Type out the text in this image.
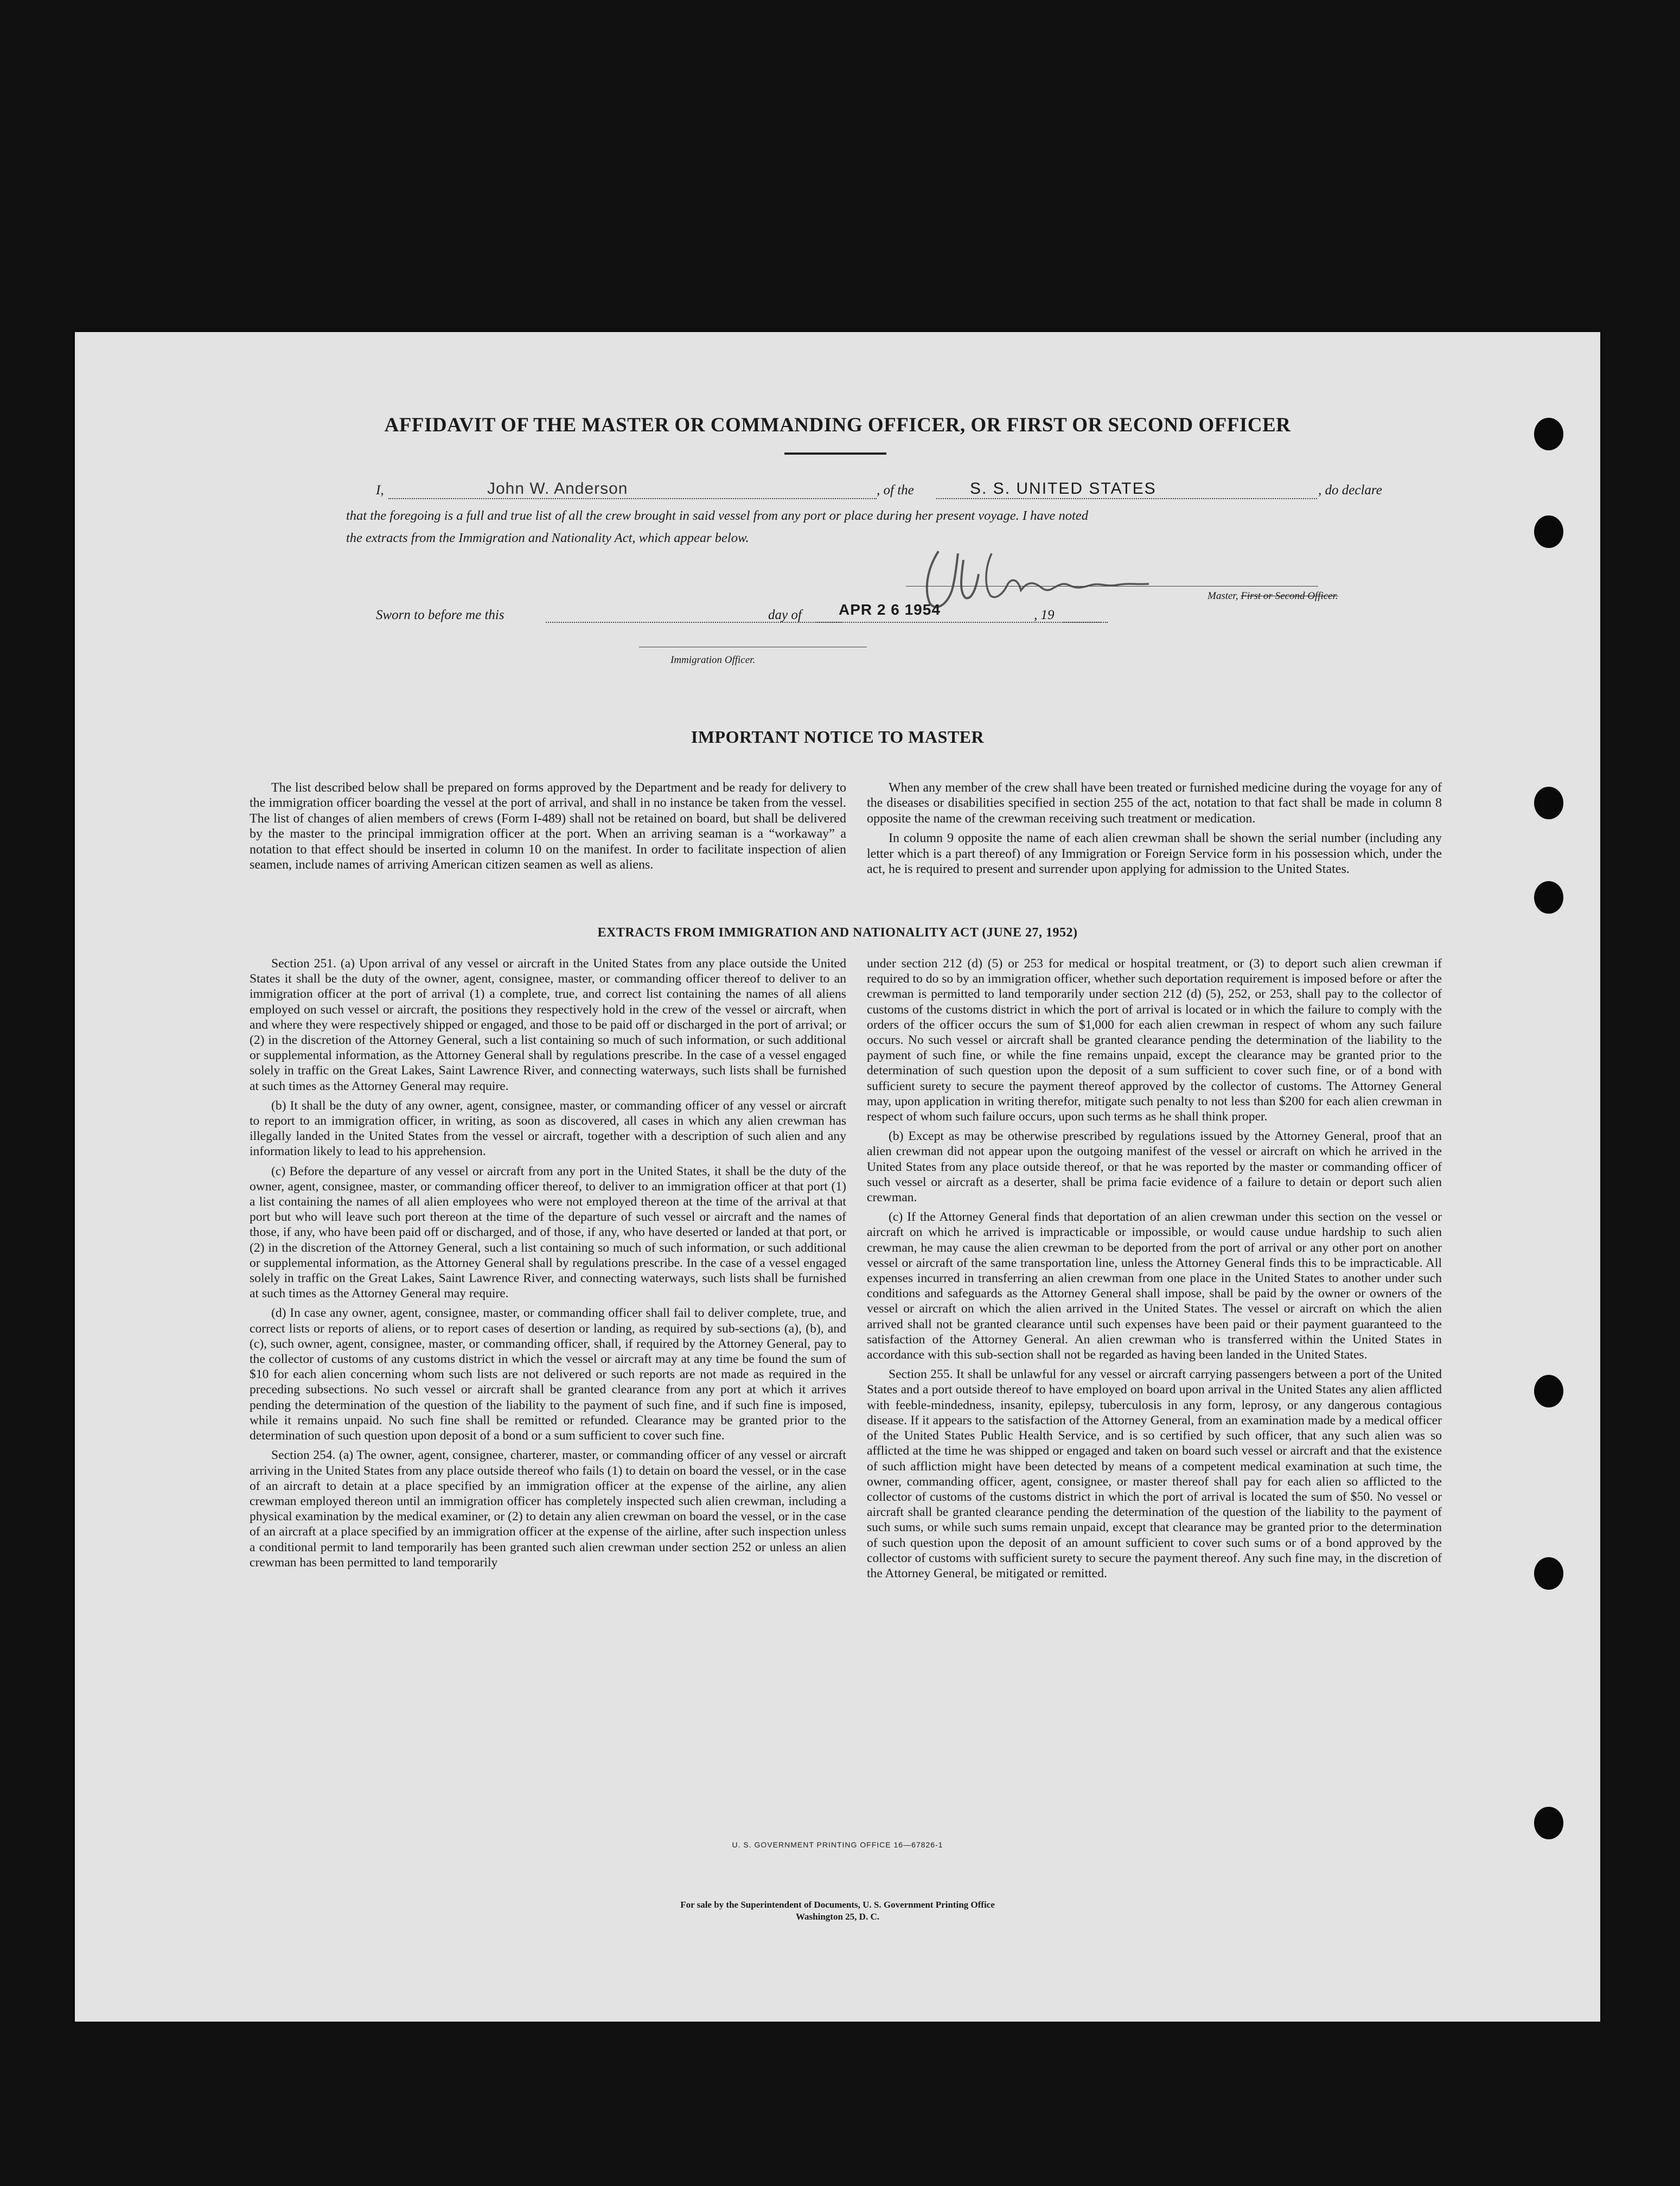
AFFIDAVIT OF THE MASTER OR COMMANDING OFFICER, OR FIRST OR SECOND OFFICER
I,	John W. Anderson	, of the	S. S. UNITED STATES	, do declare
that the foregoing is a full and true list of all the crew brought in said vessel from any port or place during her present voyage. I have noted
the extracts from the Immigration and Nationality Act, which appear below.
Master, First or Second Officer.
Sworn to before me this	day of APR 2 6 1954	, 19
Immigration Officer.
IMPORTANT NOTICE TO MASTER

The list described below shall be prepared on forms approved by the Department and be ready for delivery to the immigration officer boarding the vessel at the port of arrival, and shall in no instance be taken from the vessel. The list of changes of alien members of crews (Form I-489) shall not be retained on board, but shall be delivered by the master to the principal immigration officer at the port. When an arriving seaman is a “workaway” a notation to that effect should be inserted in column 10 on the manifest. In order to facilitate inspection of alien seamen, include names of arriving American citizen seamen as well as aliens.

When any member of the crew shall have been treated or furnished medicine during the voyage for any of the diseases or disabilities specified in section 255 of the act, notation to that fact shall be made in column 8 opposite the name of the crewman receiving such treatment or medication.

In column 9 opposite the name of each alien crewman shall be shown the serial number (including any letter which is a part thereof) of any Immigration or Foreign Service form in his possession which, under the act, he is required to present and surrender upon applying for admission to the United States.

EXTRACTS FROM IMMIGRATION AND NATIONALITY ACT (JUNE 27, 1952)

Section 251. (a) Upon arrival of any vessel or aircraft in the United States from any place outside the United States it shall be the duty of the owner, agent, consignee, master, or commanding officer thereof to deliver to an immigration officer at the port of arrival (1) a complete, true, and correct list containing the names of all aliens employed on such vessel or aircraft, the positions they respectively hold in the crew of the vessel or aircraft, when and where they were respectively shipped or engaged, and those to be paid off or discharged in the port of arrival; or (2) in the discretion of the Attorney General, such a list containing so much of such information, or such additional or supplemental information, as the Attorney General shall by regulations prescribe. In the case of a vessel engaged solely in traffic on the Great Lakes, Saint Lawrence River, and connecting waterways, such lists shall be furnished at such times as the Attorney General may require.

(b) It shall be the duty of any owner, agent, consignee, master, or commanding officer of any vessel or aircraft to report to an immigration officer, in writing, as soon as discovered, all cases in which any alien crewman has illegally landed in the United States from the vessel or aircraft, together with a description of such alien and any information likely to lead to his apprehension.

(c) Before the departure of any vessel or aircraft from any port in the United States, it shall be the duty of the owner, agent, consignee, master, or commanding officer thereof, to deliver to an immigration officer at that port (1) a list containing the names of all alien employees who were not employed thereon at the time of the arrival at that port but who will leave such port thereon at the time of the departure of such vessel or aircraft and the names of those, if any, who have been paid off or discharged, and of those, if any, who have deserted or landed at that port, or (2) in the discretion of the Attorney General, such a list containing so much of such information, or such additional or supplemental information, as the Attorney General shall by regulations prescribe. In the case of a vessel engaged solely in traffic on the Great Lakes, Saint Lawrence River, and connecting waterways, such lists shall be furnished at such times as the Attorney General may require.

(d) In case any owner, agent, consignee, master, or commanding officer shall fail to deliver complete, true, and correct lists or reports of aliens, or to report cases of desertion or landing, as required by sub-sections (a), (b), and (c), such owner, agent, consignee, master, or commanding officer, shall, if required by the Attorney General, pay to the collector of customs of any customs district in which the vessel or aircraft may at any time be found the sum of $10 for each alien concerning whom such lists are not delivered or such reports are not made as required in the preceding subsections. No such vessel or aircraft shall be granted clearance from any port at which it arrives pending the determination of the question of the liability to the payment of such fine, and if such fine is imposed, while it remains unpaid. No such fine shall be remitted or refunded. Clearance may be granted prior to the determination of such question upon deposit of a bond or a sum sufficient to cover such fine.

Section 254. (a) The owner, agent, consignee, charterer, master, or commanding officer of any vessel or aircraft arriving in the United States from any place outside thereof who fails (1) to detain on board the vessel, or in the case of an aircraft to detain at a place specified by an immigration officer at the expense of the airline, any alien crewman employed thereon until an immigration officer has completely inspected such alien crewman, including a physical examination by the medical examiner, or (2) to detain any alien crewman on board the vessel, or in the case of an aircraft at a place specified by an immigration officer at the expense of the airline, after such inspection unless a conditional permit to land temporarily has been granted such alien crewman under section 252 or unless an alien crewman has been permitted to land temporarily

under section 212 (d) (5) or 253 for medical or hospital treatment, or (3) to deport such alien crewman if required to do so by an immigration officer, whether such deportation requirement is imposed before or after the crewman is permitted to land temporarily under section 212 (d) (5), 252, or 253, shall pay to the collector of customs of the customs district in which the port of arrival is located or in which the failure to comply with the orders of the officer occurs the sum of $1,000 for each alien crewman in respect of whom any such failure occurs. No such vessel or aircraft shall be granted clearance pending the determination of the liability to the payment of such fine, or while the fine remains unpaid, except the clearance may be granted prior to the determination of such question upon the deposit of a sum sufficient to cover such fine, or of a bond with sufficient surety to secure the payment thereof approved by the collector of customs. The Attorney General may, upon application in writing therefor, mitigate such penalty to not less than $200 for each alien crewman in respect of whom such failure occurs, upon such terms as he shall think proper.

(b) Except as may be otherwise prescribed by regulations issued by the Attorney General, proof that an alien crewman did not appear upon the outgoing manifest of the vessel or aircraft on which he arrived in the United States from any place outside thereof, or that he was reported by the master or commanding officer of such vessel or aircraft as a deserter, shall be prima facie evidence of a failure to detain or deport such alien crewman.

(c) If the Attorney General finds that deportation of an alien crewman under this section on the vessel or aircraft on which he arrived is impracticable or impossible, or would cause undue hardship to such alien crewman, he may cause the alien crewman to be deported from the port of arrival or any other port on another vessel or aircraft of the same transportation line, unless the Attorney General finds this to be impracticable. All expenses incurred in transferring an alien crewman from one place in the United States to another under such conditions and safeguards as the Attorney General shall impose, shall be paid by the owner or owners of the vessel or aircraft on which the alien arrived in the United States. The vessel or aircraft on which the alien arrived shall not be granted clearance until such expenses have been paid or their payment guaranteed to the satisfaction of the Attorney General. An alien crewman who is transferred within the United States in accordance with this sub-section shall not be regarded as having been landed in the United States.

Section 255. It shall be unlawful for any vessel or aircraft carrying passengers between a port of the United States and a port outside thereof to have employed on board upon arrival in the United States any alien afflicted with feeble-mindedness, insanity, epilepsy, tuberculosis in any form, leprosy, or any dangerous contagious disease. If it appears to the satisfaction of the Attorney General, from an examination made by a medical officer of the United States Public Health Service, and is so certified by such officer, that any such alien was so afflicted at the time he was shipped or engaged and taken on board such vessel or aircraft and that the existence of such affliction might have been detected by means of a competent medical examination at such time, the owner, commanding officer, agent, consignee, or master thereof shall pay for each alien so afflicted to the collector of customs of the customs district in which the port of arrival is located the sum of $50. No vessel or aircraft shall be granted clearance pending the determination of the question of the liability to the payment of such sums, or while such sums remain unpaid, except that clearance may be granted prior to the determination of such question upon the deposit of an amount sufficient to cover such sums or of a bond approved by the collector of customs with sufficient surety to secure the payment thereof. Any such fine may, in the discretion of the Attorney General, be mitigated or remitted.

U. S. GOVERNMENT PRINTING OFFICE 16—67826-1
For sale by the Superintendent of Documents, U. S. Government Printing Office
Washington 25, D. C.
